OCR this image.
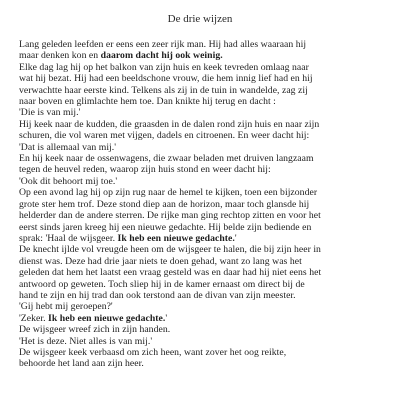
De drie wijzen
Lang geleden leefden er eens een zeer rijk man. Hij had alles waaraan hij
maar denken kon en daarom dacht hij ook weinig.
Elke dag lag hij op het balkon van zijn huis en keek tevreden omlaag naar
wat hij bezat. Hij had een beeldschone vrouw, die hem innig lief had en hij
verwachtte haar eerste kind. Telkens als zij in de tuin in wandelde, zag zij
naar boven en glimlachte hem toe. Dan knikte hij terug en dacht :
'Die is van mij.'
Hij keek naar de kudden, die graasden in de dalen rond zijn huis en naar zijn
schuren, die vol waren met vijgen, dadels en citroenen. En weer dacht hij:
'Dat is allemaal van mij.'
En hij keek naar de ossenwagens, die zwaar beladen met druiven langzaam
tegen de heuvel reden, waarop zijn huis stond en weer dacht hij:
'Ook dit behoort mij toe.'
Op een avond lag hij op zijn rug naar de hemel te kijken, toen een bijzonder
grote ster hem trof. Deze stond diep aan de horizon, maar toch glansde hij
helderder dan de andere sterren. De rijke man ging rechtop zitten en voor het
eerst sinds jaren kreeg hij een nieuwe gedachte. Hij belde zijn bediende en
sprak: 'Haal de wijsgeer. Ik heb een nieuwe gedachte.'
De knecht ijlde vol vreugde heen om de wijsgeer te halen, die bij zijn heer in
dienst was. Deze had drie jaar niets te doen gehad, want zo lang was het
geleden dat hem het laatst een vraag gesteld was en daar had hij niet eens het
antwoord op geweten. Toch sliep hij in de kamer ernaast om direct bij de
hand te zijn en hij trad dan ook terstond aan de divan van zijn meester.
'Gij hebt mij geroepen?'
'Zeker. Ik heb een nieuwe gedachte.'
De wijsgeer wreef zich in zijn handen.
'Het is deze. Niet alles is van mij.'
De wijsgeer keek verbaasd om zich heen, want zover het oog reikte,
behoorde het land aan zijn heer.
